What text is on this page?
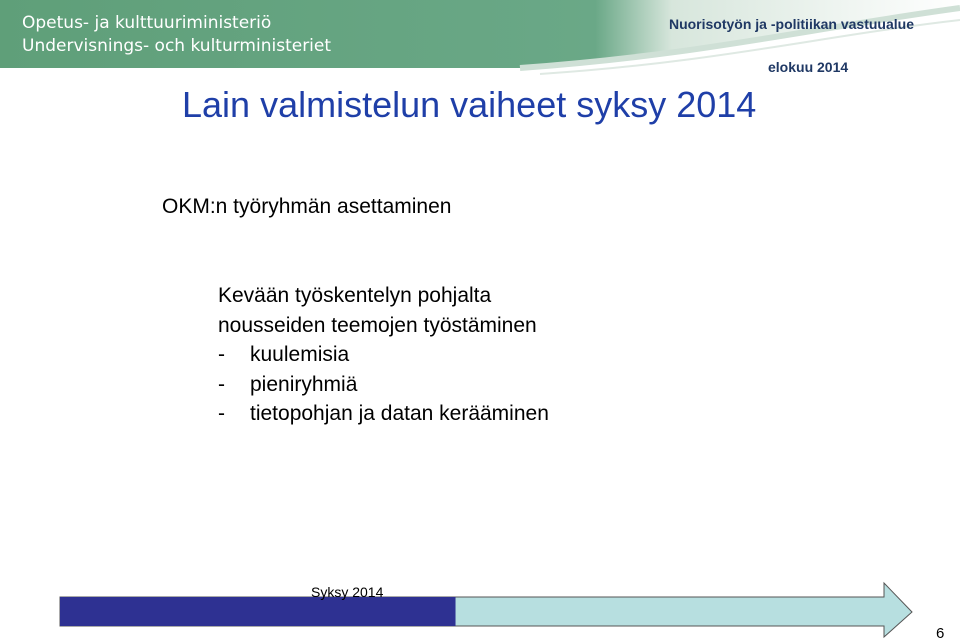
Opetus- ja kulttuuriministeriö
Undervisnings- och kulturministeriet
Nuorisotyön ja -politiikan vastuualue
elokuu 2014
Lain valmistelun vaiheet syksy 2014
OKM:n työryhmän asettaminen
Kevään työskentelyn pohjalta
nousseiden teemojen työstäminen
-	kuulemisia
-	pieniryhmiä
-	tietopohjan ja datan kerääminen
Syksy 2014
6
